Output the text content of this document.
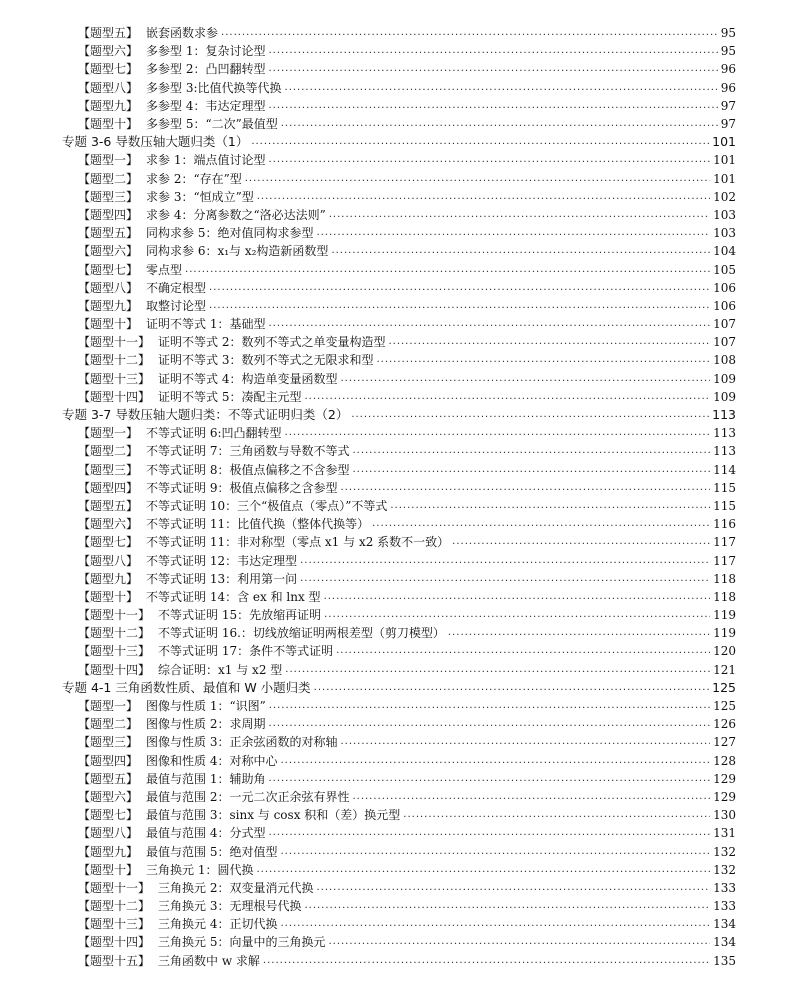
【题型五】 嵌套函数求参 .....	95
【题型六】 多参型 1：复杂讨论型 .....	95
【题型七】 多参型 2：凸凹翻转型 .....	96
【题型八】 多参型 3:比值代换等代换 .....	96
【题型九】 多参型 4：韦达定理型 .....	97
【题型十】 多参型 5：“二次”最值型 .....	97
专题 3-6 导数压轴大题归类（1） .....	101
【题型一】 求参 1：端点值讨论型 .....	101
【题型二】 求参 2：“存在”型 .....	101
【题型三】 求参 3：“恒成立”型 .....	102
【题型四】 求参 4：分离参数之“洛必达法则” .....	103
【题型五】 同构求参 5：绝对值同构求参型 .....	103
【题型六】 同构求参 6：x₁与 x₂构造新函数型 .....	104
【题型七】 零点型 .....	105
【题型八】 不确定根型 .....	106
【题型九】 取整讨论型 .....	106
【题型十】 证明不等式 1：基础型 .....	107
【题型十一】 证明不等式 2：数列不等式之单变量构造型 .....	107
【题型十二】 证明不等式 3：数列不等式之无限求和型 .....	108
【题型十三】 证明不等式 4：构造单变量函数型 .....	109
【题型十四】 证明不等式 5：凑配主元型 .....	109
专题 3-7 导数压轴大题归类：不等式证明归类（2） .....	113
【题型一】 不等式证明 6:凹凸翻转型 .....	113
【题型二】 不等式证明 7：三角函数与导数不等式 .....	113
【题型三】 不等式证明 8：极值点偏移之不含参型 .....	114
【题型四】 不等式证明 9：极值点偏移之含参型 .....	115
【题型五】 不等式证明 10：三个“极值点（零点）”不等式 .....	115
【题型六】 不等式证明 11：比值代换（整体代换等） .....	116
【题型七】 不等式证明 11：非对称型（零点 x1 与 x2 系数不一致） .....	117
【题型八】 不等式证明 12：韦达定理型 .....	117
【题型九】 不等式证明 13：利用第一问 .....	118
【题型十】 不等式证明 14：含 ex 和 lnx 型 .....	118
【题型十一】 不等式证明 15：先放缩再证明 .....	119
【题型十二】 不等式证明 16.：切线放缩证明两根差型（剪刀模型） .....	119
【题型十三】 不等式证明 17：条件不等式证明 .....	120
【题型十四】 综合证明：x1 与 x2 型 .....	121
专题 4-1 三角函数性质、最值和 W 小题归类 .....	125
【题型一】 图像与性质 1：“识图” .....	125
【题型二】 图像与性质 2：求周期 .....	126
【题型三】 图像与性质 3：正余弦函数的对称轴 .....	127
【题型四】 图像和性质 4：对称中心 .....	128
【题型五】 最值与范围 1：辅助角 .....	129
【题型六】 最值与范围 2：一元二次正余弦有界性 .....	129
【题型七】 最值与范围 3：sinx 与 cosx 积和（差）换元型 .....	130
【题型八】 最值与范围 4：分式型 .....	131
【题型九】 最值与范围 5：绝对值型 .....	132
【题型十】 三角换元 1：圆代换 .....	132
【题型十一】 三角换元 2：双变量消元代换 .....	133
【题型十二】 三角换元 3：无理根号代换 .....	133
【题型十三】 三角换元 4：正切代换 .....	134
【题型十四】 三角换元 5：向量中的三角换元 .....	134
【题型十五】 三角函数中 w 求解 .....	135
